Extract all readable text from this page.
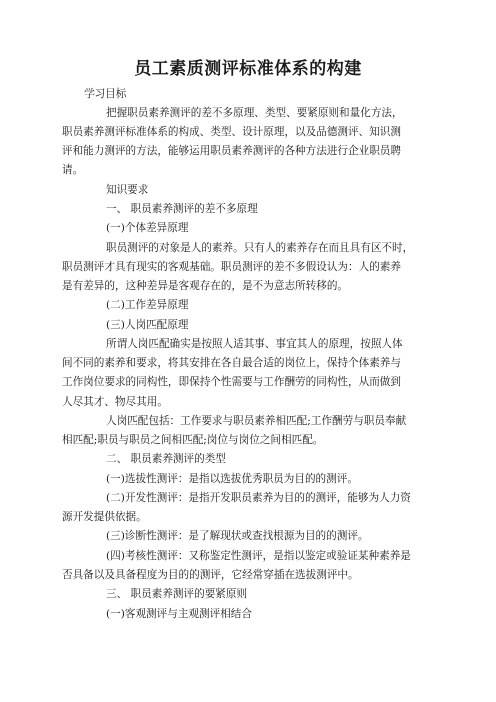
员工素质测评标准体系的构建
学习目标
把握职员素养测评的差不多原理、类型、要紧原则和量化方法，
职员素养测评标准体系的构成、类型、设计原理，以及品德测评、知识测
评和能力测评的方法，能够运用职员素养测评的各种方法进行企业职员聘
请。
知识要求
一、 职员素养测评的差不多原理
(一)个体差异原理
职员测评的对象是人的素养。只有人的素养存在而且具有区不时，
职员测评才具有现实的客观基础。职员测评的差不多假设认为：人的素养
是有差异的，这种差异是客观存在的，是不为意志所转移的。
(二)工作差异原理
(三)人岗匹配原理
所谓人岗匹配确实是按照人适其事、事宜其人的原理，按照人体
间不同的素养和要求，将其安排在各自最合适的岗位上，保持个体素养与
工作岗位要求的同构性，即保持个性需要与工作酬劳的同构性，从而做到
人尽其才、物尽其用。
人岗匹配包括：工作要求与职员素养相匹配;工作酬劳与职员奉献
相匹配;职员与职员之间相匹配;岗位与岗位之间相匹配。
二、 职员素养测评的类型
(一)选拔性测评：是指以选拔优秀职员为目的的测评。
(二)开发性测评：是指开发职员素养为目的的测评，能够为人力资
源开发提供依据。
(三)诊断性测评：是了解现状或查找根源为目的的测评。
(四)考核性测评：又称鉴定性测评，是指以鉴定或验证某种素养是
否具备以及具备程度为目的的测评，它经常穿插在选拔测评中。
三、 职员素养测评的要紧原则
(一)客观测评与主观测评相结合
